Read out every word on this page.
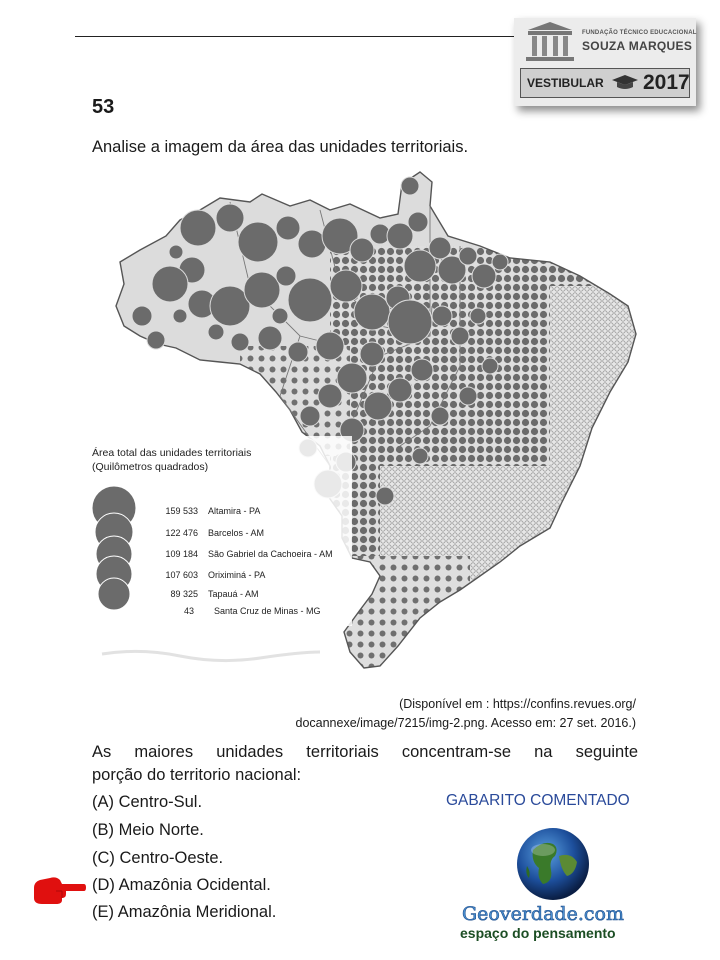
FUNDAÇÃO TÉCNICO EDUCACIONAL
SOUZA MARQUES
VESTIBULAR 2017
53
Analise a imagem da área das unidades territoriais.
Área total das unidades territoriais
(Quilômetros quadrados)
159 533 Altamira - PA
122 476 Barcelos - AM
109 184 São Gabriel da Cachoeira - AM
107 603 Oriximiná - PA
89 325 Tapauá - AM
43 Santa Cruz de Minas - MG
(Disponível em : https://confins.revues.org/
docannexe/image/7215/img-2.png. Acesso em: 27 set. 2016.)
As maiores unidades territoriais concentram-se na seguinte
porção do territorio nacional:
(A) Centro-Sul.
(B) Meio Norte.
(C) Centro-Oeste.
(D) Amazônia Ocidental.
(E) Amazônia Meridional.
GABARITO COMENTADO
Geoverdade.com
espaço do pensamento
